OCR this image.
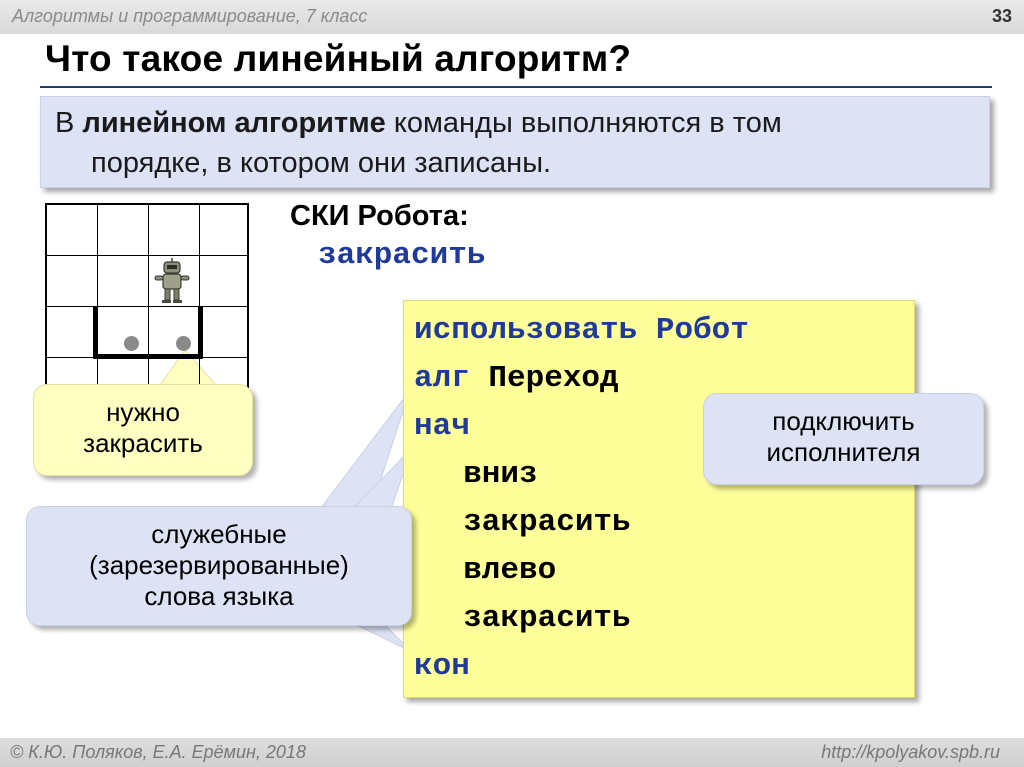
Алгоритмы и программирование, 7 класс	33
Что такое линейный алгоритм?
В линейном алгоритме команды выполняются в том
порядке, в котором они записаны.
СКИ Робота:
закрасить
использовать Робот
алг Переход
нач
вниз
закрасить
влево
закрасить
кон
нужно
закрасить
подключить
исполнителя
служебные
(зарезервированные)
слова языка
© К.Ю. Поляков, Е.А. Ерёмин, 2018	http://kpolyakov.spb.ru
